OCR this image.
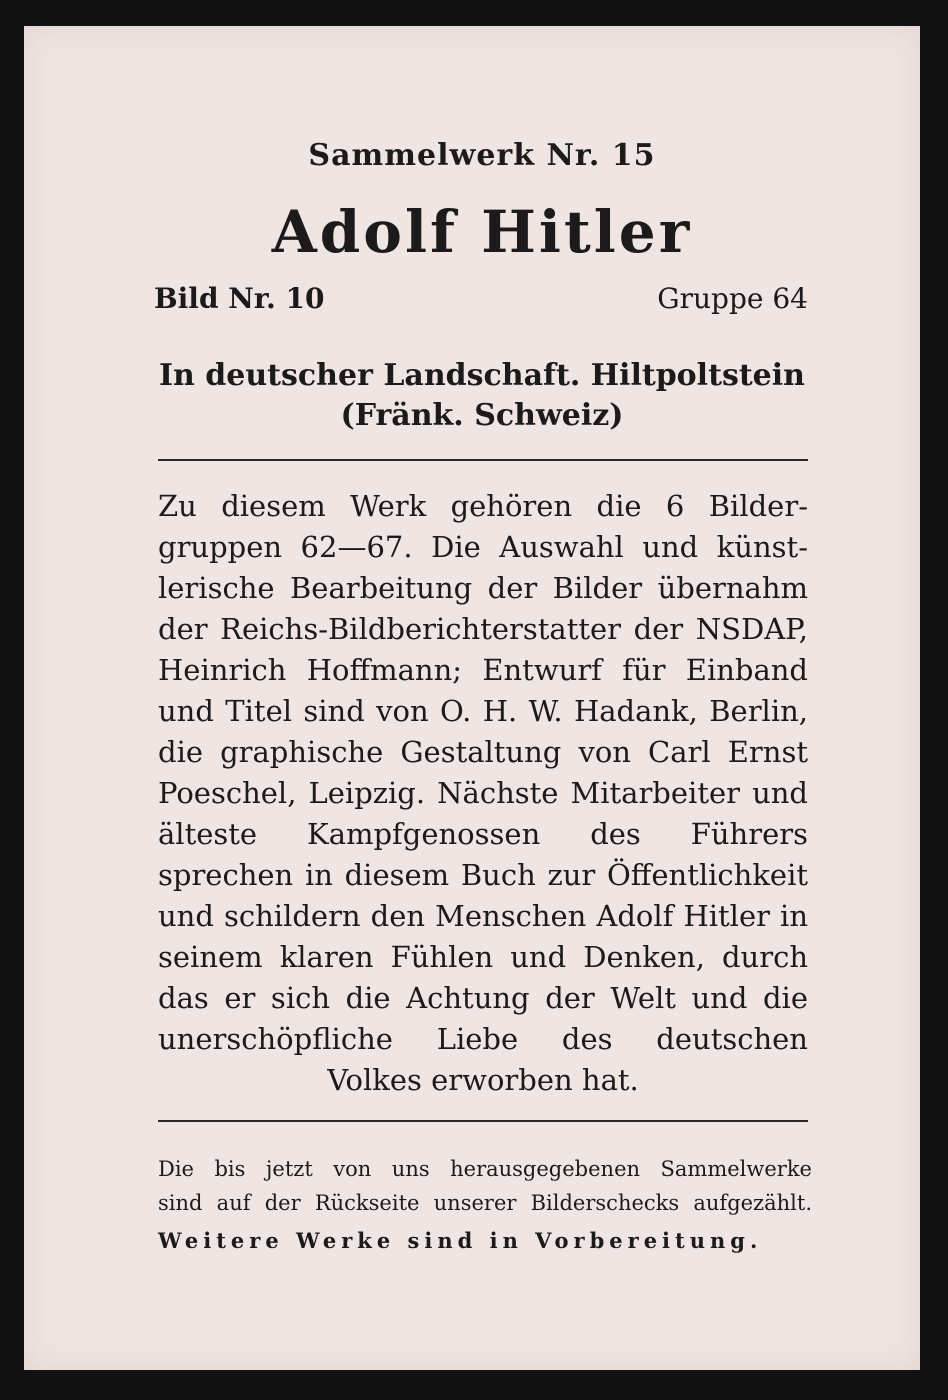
Sammelwerk Nr. 15
Adolf Hitler
Bild Nr. 10	Gruppe 64
In deutscher Landschaft. Hiltpoltstein
(Fränk. Schweiz)
Zu diesem Werk gehören die 6 Bildergruppen 62—67. Die Auswahl und künstlerische Bearbeitung der Bilder übernahm der Reichs-Bildberichterstatter der NSDAP, Heinrich Hoffmann; Entwurf für Einband und Titel sind von O. H. W. Hadank, Berlin, die graphische Gestaltung von Carl Ernst Poeschel, Leipzig. Nächste Mitarbeiter und älteste Kampfgenossen des Führers sprechen in diesem Buch zur Öffentlichkeit und schildern den Menschen Adolf Hitler in seinem klaren Fühlen und Denken, durch das er sich die Achtung der Welt und die unerschöpfliche Liebe des deutschen Volkes erworben hat.
Die bis jetzt von uns herausgegebenen Sammelwerke
sind auf der Rückseite unserer Bilderschecks aufgezählt.
Weitere Werke sind in Vorbereitung.
